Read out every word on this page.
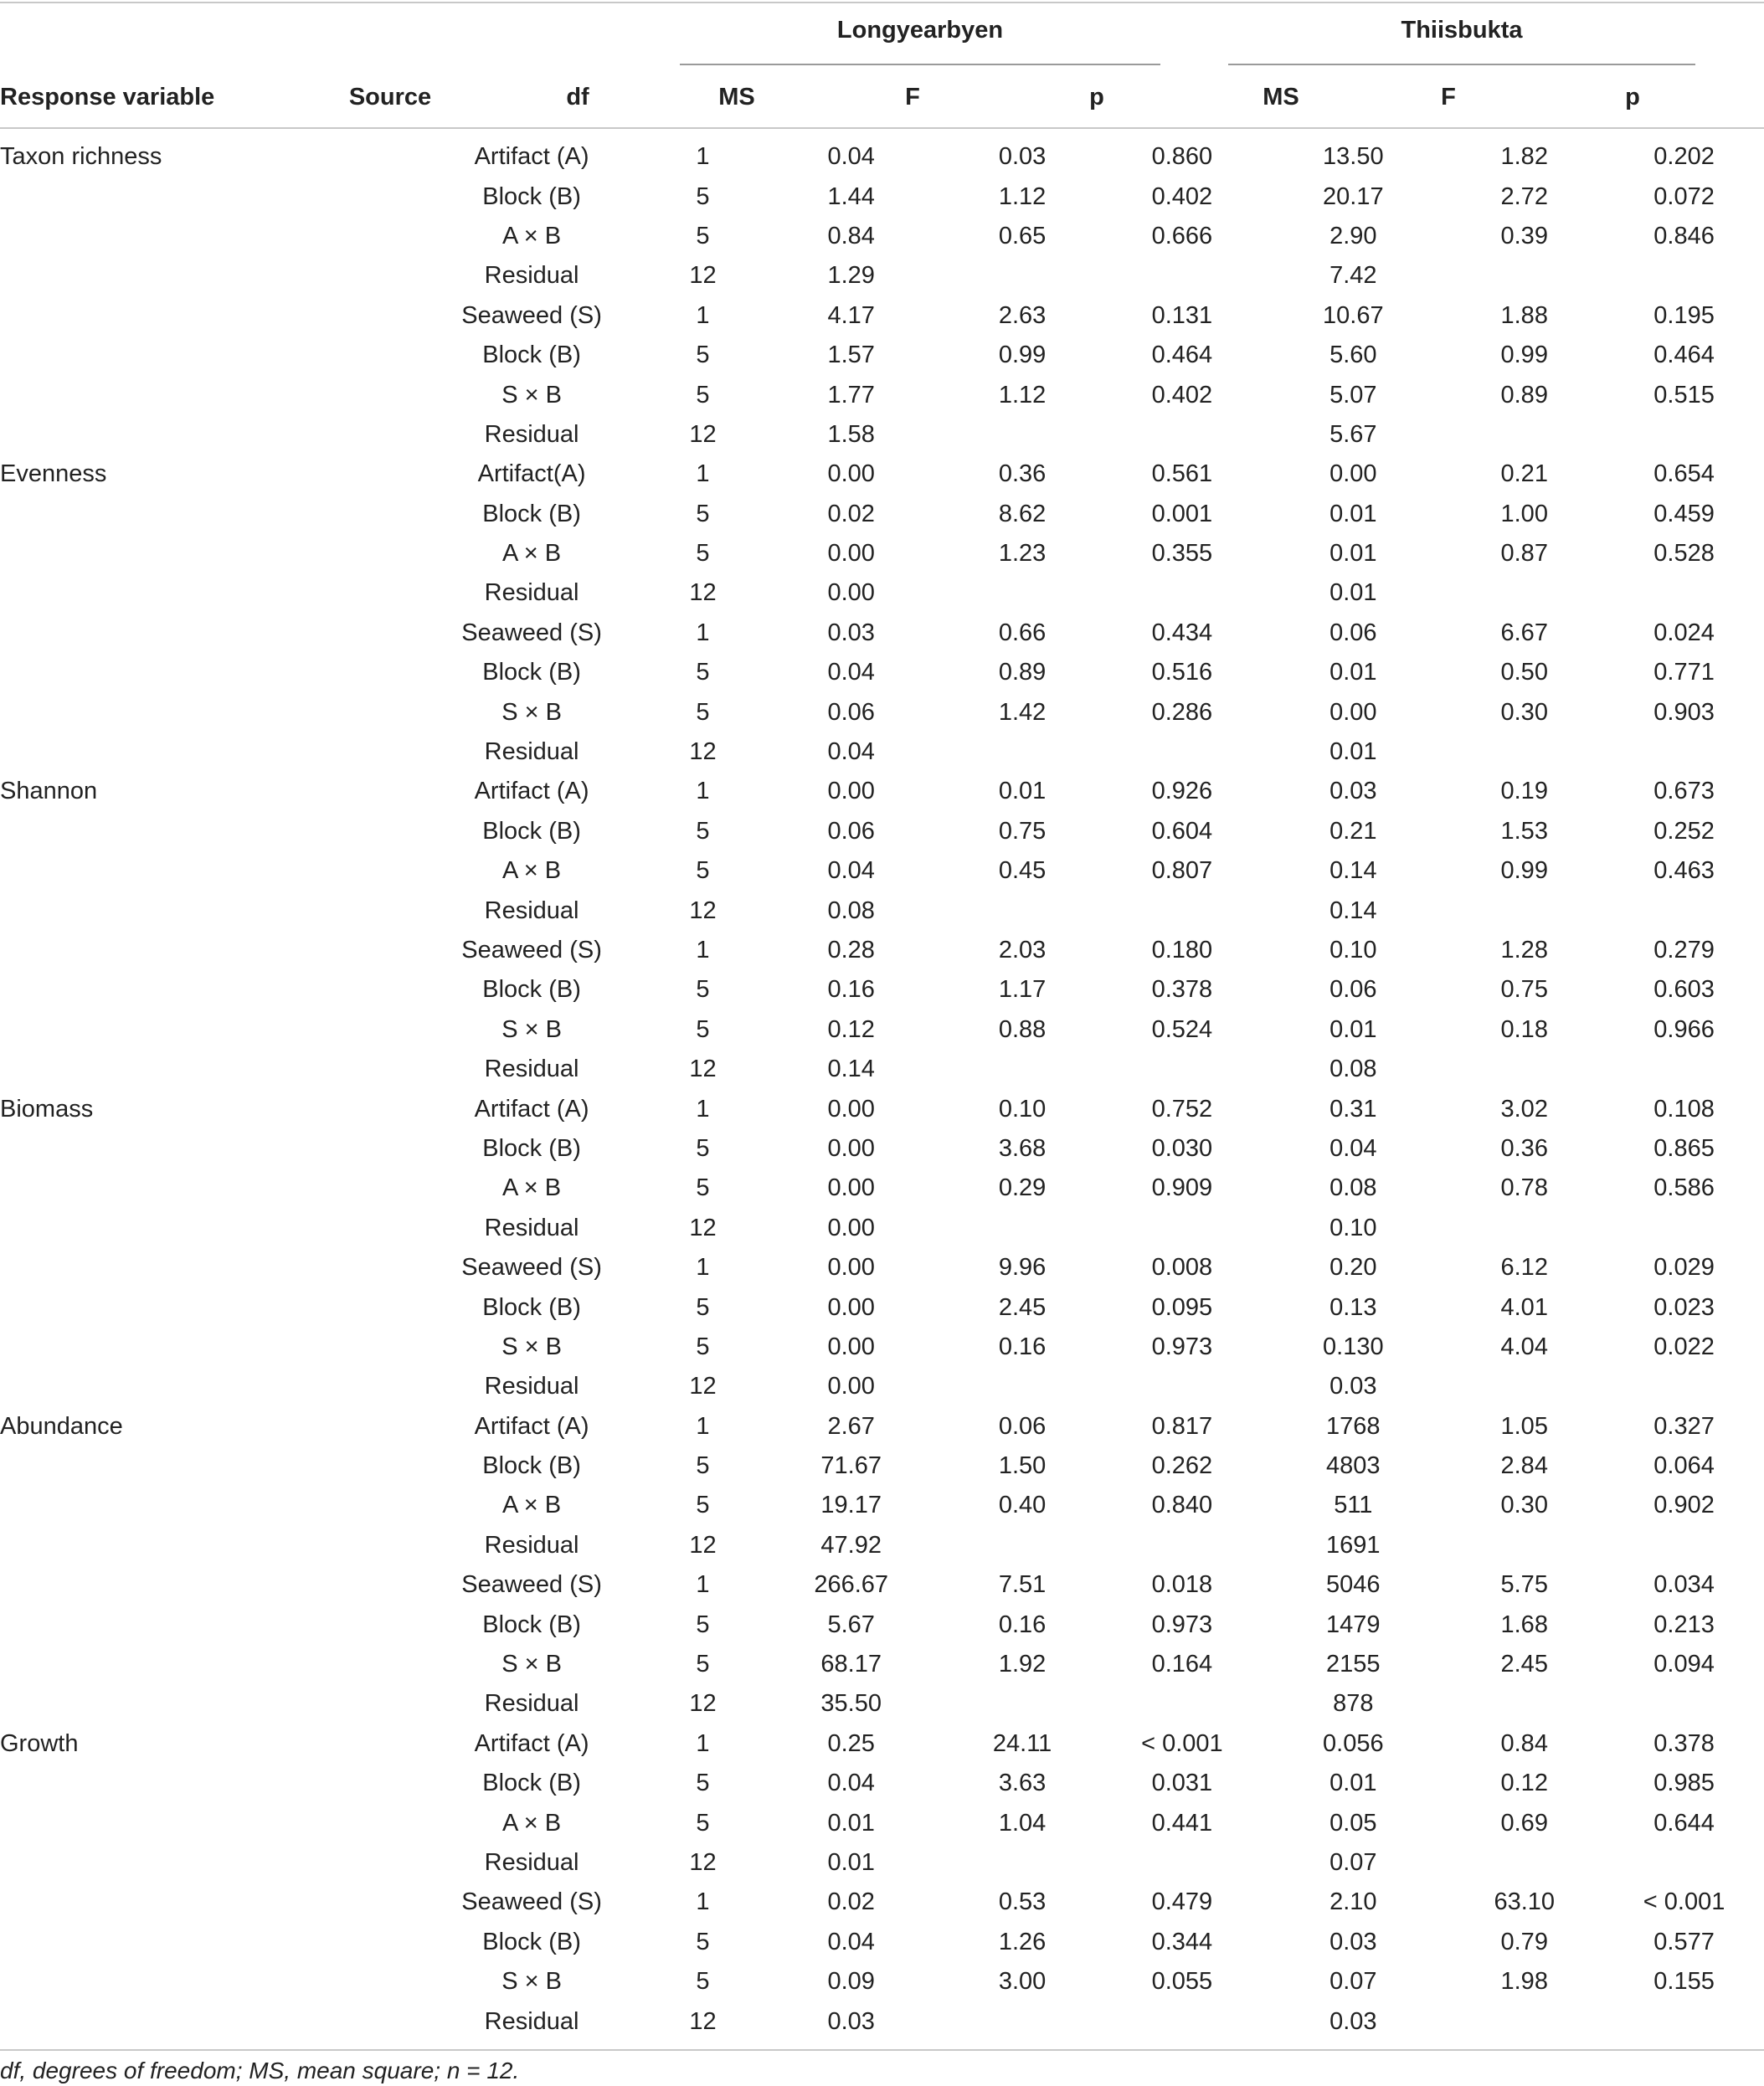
Longyearbyen	Thiisbukta
Response variable	Source	df	MS	F	p	MS	F	p
Taxon richness	Artifact (A)	1	0.04	0.03	0.860	13.50	1.82	0.202
	Block (B)	5	1.44	1.12	0.402	20.17	2.72	0.072
	A × B	5	0.84	0.65	0.666	2.90	0.39	0.846
	Residual	12	1.29			7.42		
	Seaweed (S)	1	4.17	2.63	0.131	10.67	1.88	0.195
	Block (B)	5	1.57	0.99	0.464	5.60	0.99	0.464
	S × B	5	1.77	1.12	0.402	5.07	0.89	0.515
	Residual	12	1.58			5.67		
Evenness	Artifact(A)	1	0.00	0.36	0.561	0.00	0.21	0.654
	Block (B)	5	0.02	8.62	0.001	0.01	1.00	0.459
	A × B	5	0.00	1.23	0.355	0.01	0.87	0.528
	Residual	12	0.00			0.01		
	Seaweed (S)	1	0.03	0.66	0.434	0.06	6.67	0.024
	Block (B)	5	0.04	0.89	0.516	0.01	0.50	0.771
	S × B	5	0.06	1.42	0.286	0.00	0.30	0.903
	Residual	12	0.04			0.01		
Shannon	Artifact (A)	1	0.00	0.01	0.926	0.03	0.19	0.673
	Block (B)	5	0.06	0.75	0.604	0.21	1.53	0.252
	A × B	5	0.04	0.45	0.807	0.14	0.99	0.463
	Residual	12	0.08			0.14		
	Seaweed (S)	1	0.28	2.03	0.180	0.10	1.28	0.279
	Block (B)	5	0.16	1.17	0.378	0.06	0.75	0.603
	S × B	5	0.12	0.88	0.524	0.01	0.18	0.966
	Residual	12	0.14			0.08		
Biomass	Artifact (A)	1	0.00	0.10	0.752	0.31	3.02	0.108
	Block (B)	5	0.00	3.68	0.030	0.04	0.36	0.865
	A × B	5	0.00	0.29	0.909	0.08	0.78	0.586
	Residual	12	0.00			0.10		
	Seaweed (S)	1	0.00	9.96	0.008	0.20	6.12	0.029
	Block (B)	5	0.00	2.45	0.095	0.13	4.01	0.023
	S × B	5	0.00	0.16	0.973	0.130	4.04	0.022
	Residual	12	0.00			0.03		
Abundance	Artifact (A)	1	2.67	0.06	0.817	1768	1.05	0.327
	Block (B)	5	71.67	1.50	0.262	4803	2.84	0.064
	A × B	5	19.17	0.40	0.840	511	0.30	0.902
	Residual	12	47.92			1691		
	Seaweed (S)	1	266.67	7.51	0.018	5046	5.75	0.034
	Block (B)	5	5.67	0.16	0.973	1479	1.68	0.213
	S × B	5	68.17	1.92	0.164	2155	2.45	0.094
	Residual	12	35.50			878		
Growth	Artifact (A)	1	0.25	24.11	< 0.001	0.056	0.84	0.378
	Block (B)	5	0.04	3.63	0.031	0.01	0.12	0.985
	A × B	5	0.01	1.04	0.441	0.05	0.69	0.644
	Residual	12	0.01			0.07		
	Seaweed (S)	1	0.02	0.53	0.479	2.10	63.10	< 0.001
	Block (B)	5	0.04	1.26	0.344	0.03	0.79	0.577
	S × B	5	0.09	3.00	0.055	0.07	1.98	0.155
	Residual	12	0.03			0.03		
df, degrees of freedom; MS, mean square; n = 12.
